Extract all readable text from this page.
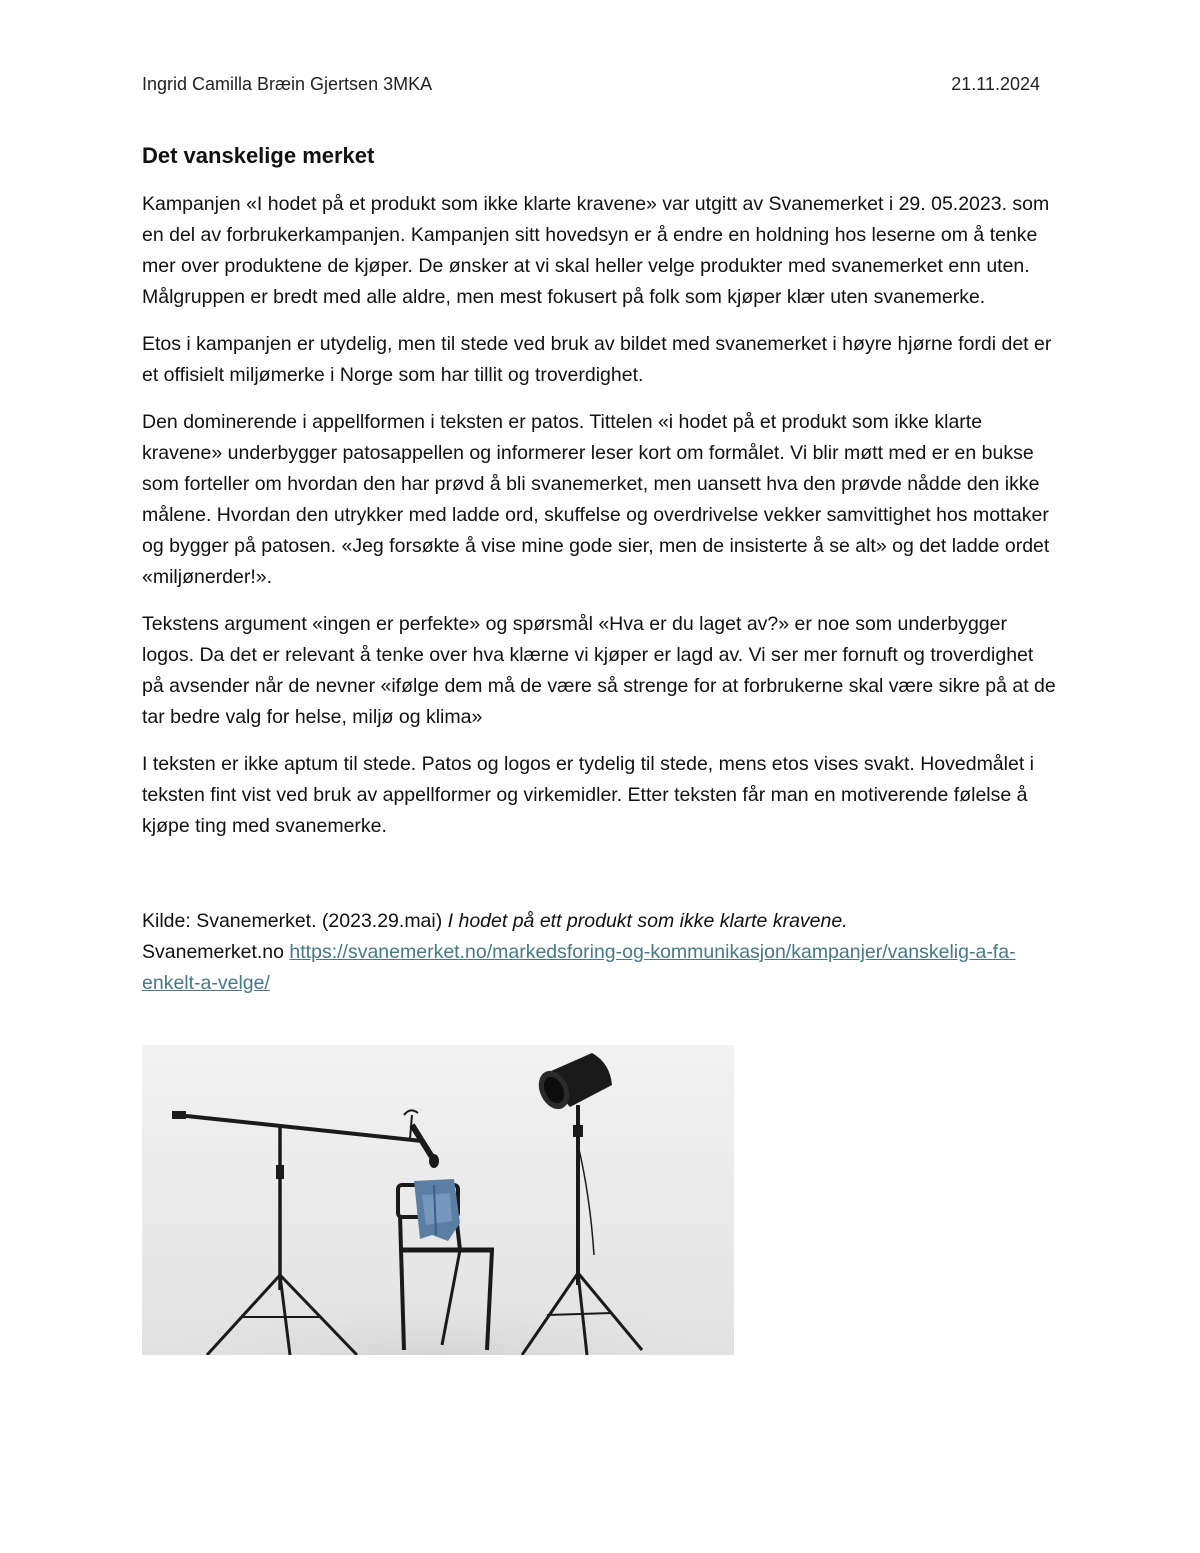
Ingrid Camilla Bræin Gjertsen 3MKA	21.11.2024
Det vanskelige merket

Kampanjen «I hodet på et produkt som ikke klarte kravene» var utgitt av Svanemerket i 29. 05.2023. som en del av forbrukerkampanjen. Kampanjen sitt hovedsyn er å endre en holdning hos leserne om å tenke mer over produktene de kjøper. De ønsker at vi skal heller velge produkter med svanemerket enn uten. Målgruppen er bredt med alle aldre, men mest fokusert på folk som kjøper klær uten svanemerke.

Etos i kampanjen er utydelig, men til stede ved bruk av bildet med svanemerket i høyre hjørne fordi det er et offisielt miljømerke i Norge som har tillit og troverdighet.

Den dominerende i appellformen i teksten er patos. Tittelen «i hodet på et produkt som ikke klarte kravene» underbygger patosappellen og informerer leser kort om formålet. Vi blir møtt med er en bukse som forteller om hvordan den har prøvd å bli svanemerket, men uansett hva den prøvde nådde den ikke målene. Hvordan den utrykker med ladde ord, skuffelse og overdrivelse vekker samvittighet hos mottaker og bygger på patosen. «Jeg forsøkte å vise mine gode sier, men de insisterte å se alt» og det ladde ordet «miljønerder!».

Tekstens argument «ingen er perfekte» og spørsmål «Hva er du laget av?» er noe som underbygger logos. Da det er relevant å tenke over hva klærne vi kjøper er lagd av. Vi ser mer fornuft og troverdighet på avsender når de nevner «ifølge dem må de være så strenge for at forbrukerne skal være sikre på at de tar bedre valg for helse, miljø og klima»

I teksten er ikke aptum til stede. Patos og logos er tydelig til stede, mens etos vises svakt. Hovedmålet i teksten fint vist ved bruk av appellformer og virkemidler. Etter teksten får man en motiverende følelse å kjøpe ting med svanemerke.

Kilde: Svanemerket. (2023.29.mai) I hodet på ett produkt som ikke klarte kravene.
Svanemerket.no https://svanemerket.no/markedsforing-og-kommunikasjon/kampanjer/vanskelig-a-fa-enkelt-a-velge/
